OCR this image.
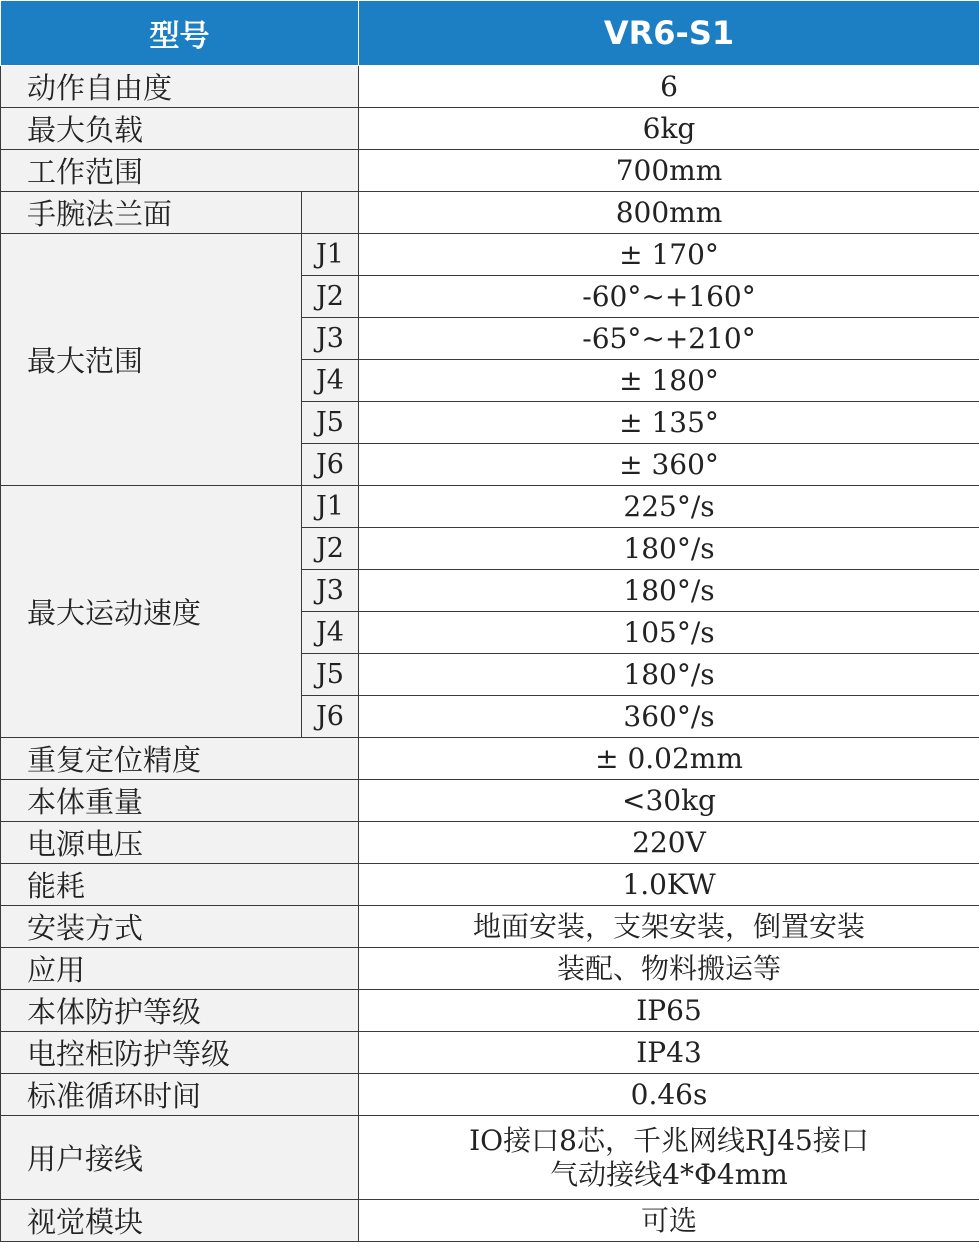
型号		VR6-S1
动作自由度		6
最大负载		6kg
工作范围		700mm
手腕法兰面		800mm
最大范围	J1	± 170°
	J2	-60°~+160°
	J3	-65°~+210°
	J4	± 180°
	J5	± 135°
	J6	± 360°
最大运动速度	J1	225°/s
	J2	180°/s
	J3	180°/s
	J4	105°/s
	J5	180°/s
	J6	360°/s
重复定位精度		± 0.02mm
本体重量		<30kg
电源电压		220V
能耗		1.0KW
安装方式		地面安装，支架安装，倒置安装
应用		装配、物料搬运等
本体防护等级		IP65
电控柜防护等级		IP43
标准循环时间		0.46s
用户接线		IO接口8芯，千兆网线RJ45接口
气动接线4*Φ4mm

视觉模块		可选
